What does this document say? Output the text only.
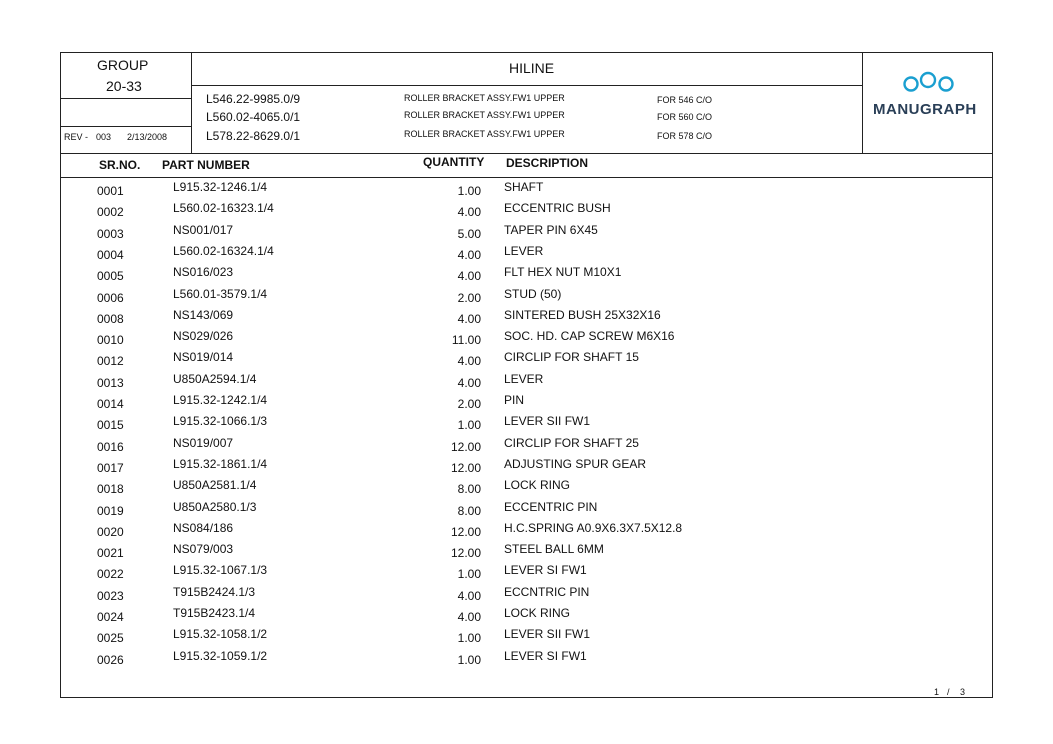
GROUP
20-33
REV - 003 2/13/2008
HILINE
L546.22-9985.0/9	ROLLER BRACKET ASSY.FW1 UPPER	FOR 546 C/O
L560.02-4065.0/1	ROLLER BRACKET ASSY.FW1 UPPER	FOR 560 C/O
L578.22-8629.0/1	ROLLER BRACKET ASSY.FW1 UPPER	FOR 578 C/O
MANUGRAPH
SR.NO. PART NUMBER	QUANTITY DESCRIPTION
0001	L915.32-1246.1/4	1.00 SHAFT
0002	L560.02-16323.1/4	4.00 ECCENTRIC BUSH
0003	NS001/017	5.00 TAPER PIN 6X45
0004	L560.02-16324.1/4	4.00 LEVER
0005	NS016/023	4.00 FLT HEX NUT M10X1
0006	L560.01-3579.1/4	2.00 STUD (50)
0008	NS143/069	4.00 SINTERED BUSH 25X32X16
0010	NS029/026	11.00 SOC. HD. CAP SCREW M6X16
0012	NS019/014	4.00 CIRCLIP FOR SHAFT 15
0013	U850A2594.1/4	4.00 LEVER
0014	L915.32-1242.1/4	2.00 PIN
0015	L915.32-1066.1/3	1.00 LEVER SII FW1
0016	NS019/007	12.00 CIRCLIP FOR SHAFT 25
0017	L915.32-1861.1/4	12.00 ADJUSTING SPUR GEAR
0018	U850A2581.1/4	8.00 LOCK RING
0019	U850A2580.1/3	8.00 ECCENTRIC PIN
0020	NS084/186	12.00 H.C.SPRING A0.9X6.3X7.5X12.8
0021	NS079/003	12.00 STEEL BALL 6MM
0022	L915.32-1067.1/3	1.00 LEVER SI FW1
0023	T915B2424.1/3	4.00 ECCNTRIC PIN
0024	T915B2423.1/4	4.00 LOCK RING
0025	L915.32-1058.1/2	1.00 LEVER SII FW1
0026	L915.32-1059.1/2	1.00 LEVER SI FW1
1 / 3
